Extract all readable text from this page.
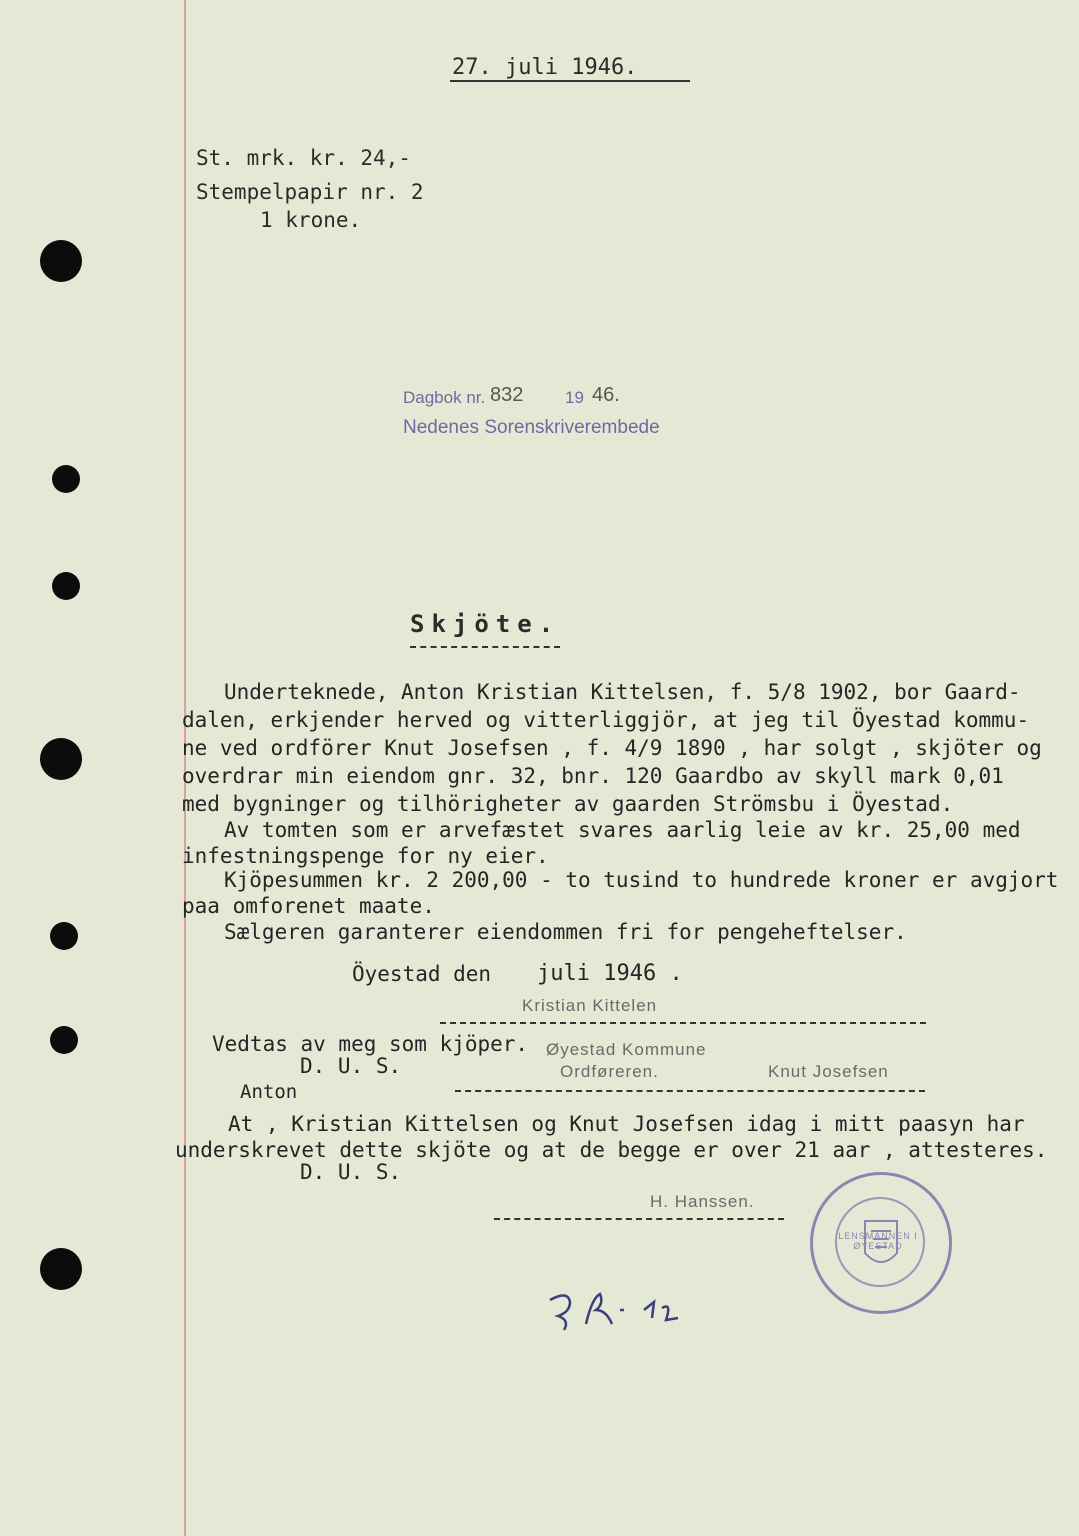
27. juli 1946.
St. mrk. kr. 24,-
Stempelpapir nr. 2
1 krone.
Dagbok nr. 832 19 46.
Nedenes Sorenskriverembede
Skjöte.
Underteknede, Anton Kristian Kittelsen, f. 5/8 1902, bor Gaard-
dalen, erkjender herved og vitterliggjör, at jeg til Öyestad kommu-
ne ved ordförer Knut Josefsen , f. 4/9 1890 , har solgt , skjöter og
overdrar min eiendom gnr. 32, bnr. 120 Gaardbo av skyll mark 0,01
med bygninger og tilhörigheter av gaarden Strömsbu i Öyestad.
Av tomten som er arvefæstet svares aarlig leie av kr. 25,00 med
infestningspenge for ny eier.
Kjöpesummen kr. 2 200,00 - to tusind to hundrede kroner er avgjort
paa omforenet maate.
Sælgeren garanterer eiendommen fri for pengeheftelser.
Öyestad den juli 1946 .
Kristian Kittelen
Vedtas av meg som kjöper.
D. U. S.
Øyestad Kommune
Ordføreren.	Knut Josefsen
Anton
At , Kristian Kittelsen og Knut Josefsen idag i mitt paasyn har
underskrevet dette skjöte og at de begge er over 21 aar , attesteres.
D. U. S.
H. Hanssen.
LENSMANNEN I ØYESTAD
